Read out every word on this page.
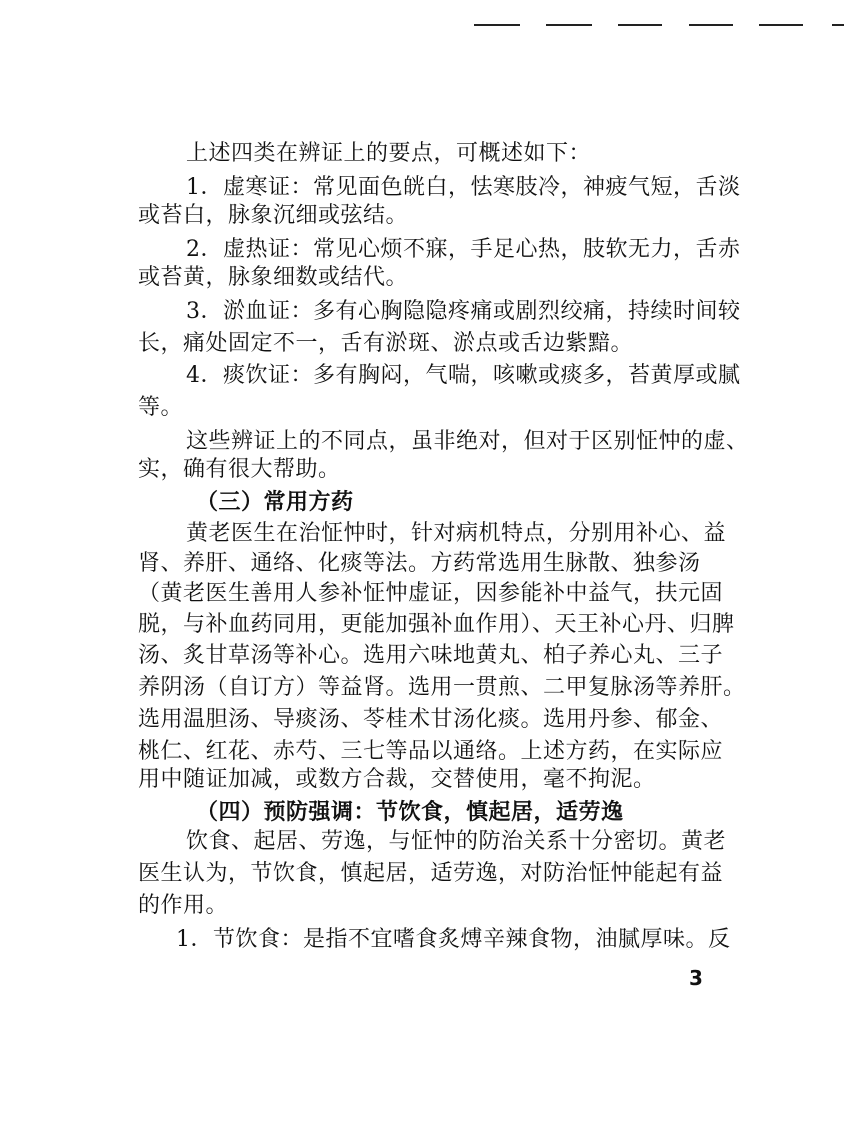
上述四类在辨证上的要点，可概述如下：
1．虚寒证：常见面色㿠白，怯寒肢冷，神疲气短，舌淡
或苔白，脉象沉细或弦结。
2．虚热证：常见心烦不寐，手足心热，肢软无力，舌赤
或苔黄，脉象细数或结代。
3．淤血证：多有心胸隐隐疼痛或剧烈绞痛，持续时间较
长，痛处固定不一，舌有淤斑、淤点或舌边紫黯。
4．痰饮证：多有胸闷，气喘，咳嗽或痰多，苔黄厚或腻
等。
这些辨证上的不同点，虽非绝对，但对于区别怔忡的虚、
实，确有很大帮助。
（三）常用方药
黄老医生在治怔忡时，针对病机特点，分别用补心、益
肾、养肝、通络、化痰等法。方药常选用生脉散、独参汤
（黄老医生善用人参补怔忡虚证，因参能补中益气，扶元固
脱，与补血药同用，更能加强补血作用）、天王补心丹、归脾
汤、炙甘草汤等补心。选用六味地黄丸、柏子养心丸、三子
养阴汤（自订方）等益肾。选用一贯煎、二甲复脉汤等养肝。
选用温胆汤、导痰汤、苓桂术甘汤化痰。选用丹参、郁金、
桃仁、红花、赤芍、三七等品以通络。上述方药，在实际应
用中随证加减，或数方合裁，交替使用，毫不拘泥。
（四）预防强调：节饮食，慎起居，适劳逸
饮食、起居、劳逸，与怔忡的防治关系十分密切。黄老
医生认为，节饮食，慎起居，适劳逸，对防治怔忡能起有益
的作用。
1．节饮食：是指不宜嗜食炙煿辛辣食物，油腻厚味。反
3
